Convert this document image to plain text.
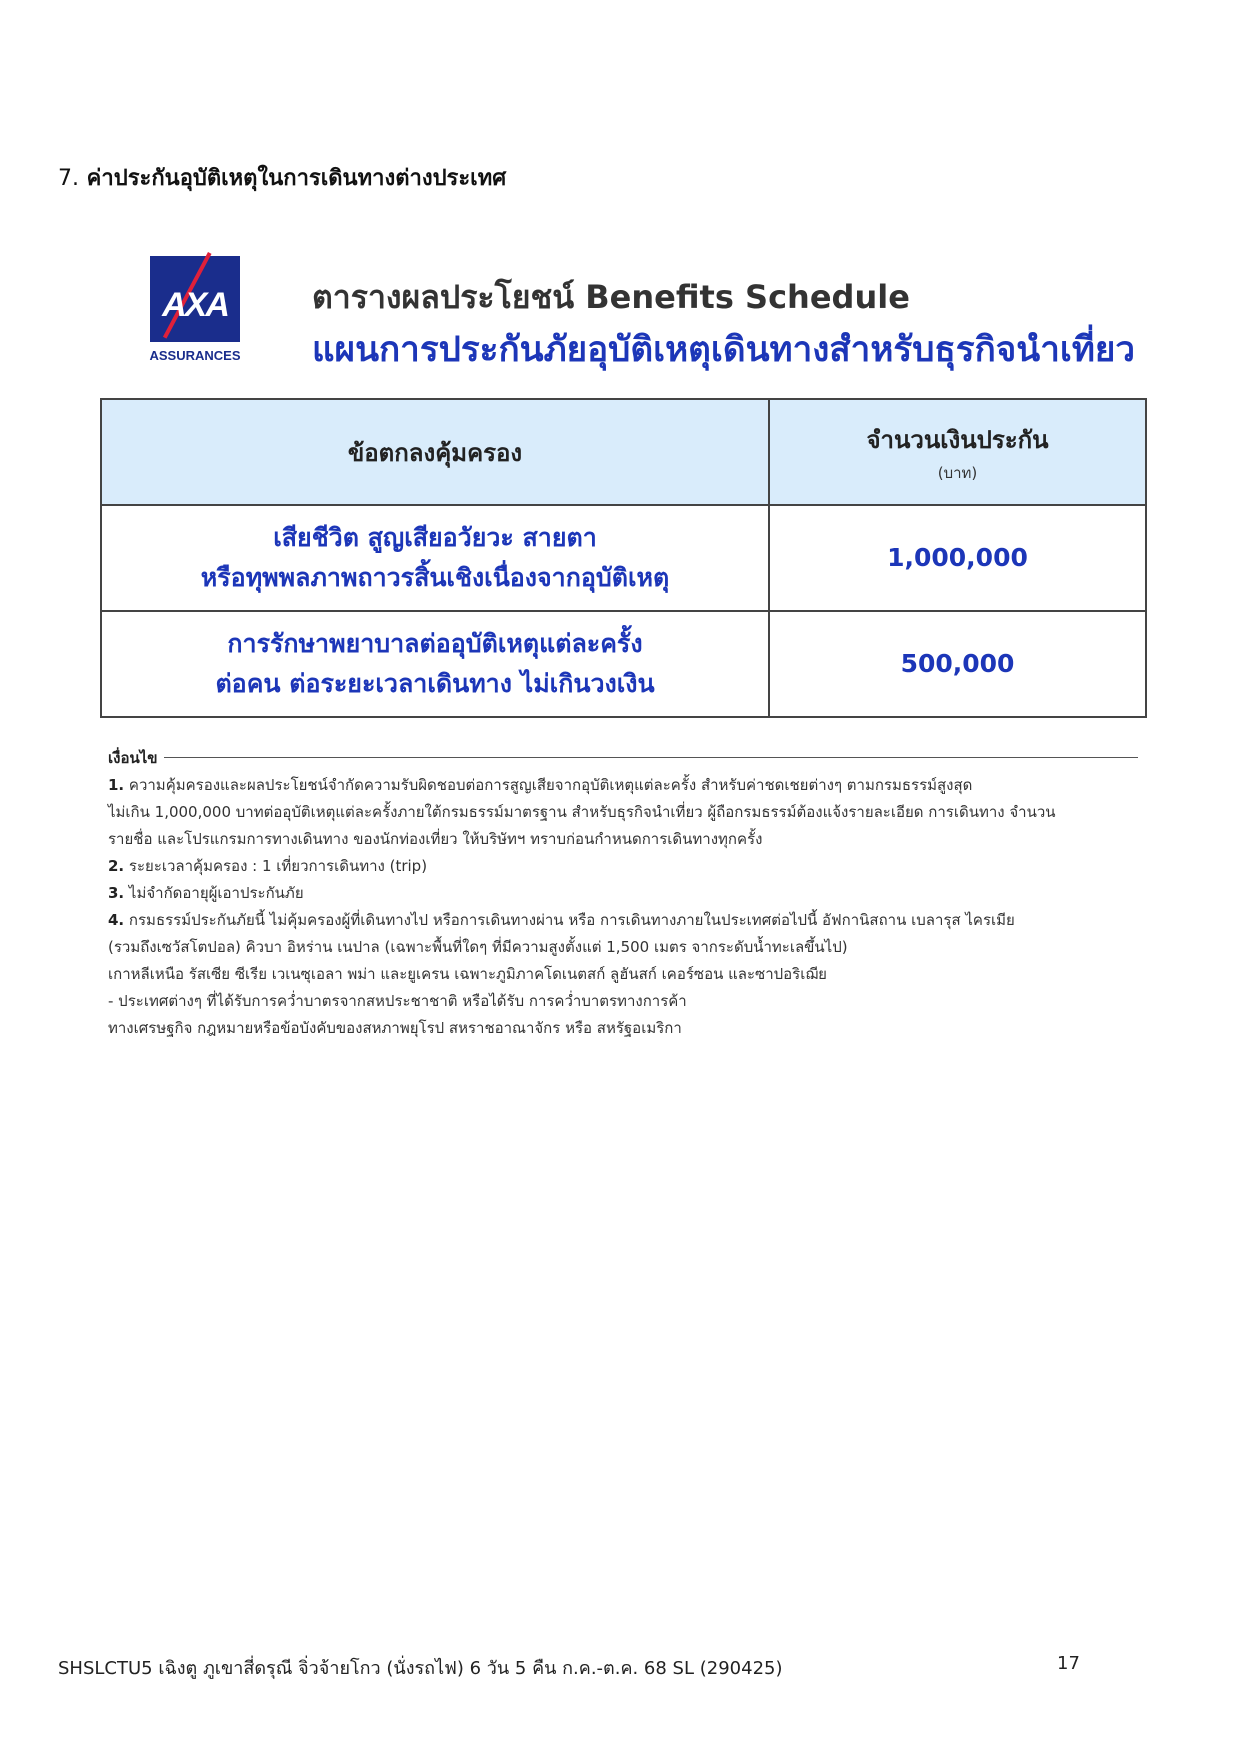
7. ค่าประกันอุบัติเหตุในการเดินทางต่างประเทศ
AXA
ASSURANCES
ตารางผลประโยชน์ Benefits Schedule
แผนการประกันภัยอุบัติเหตุเดินทางสำหรับธุรกิจนำเที่ยว
ข้อตกลงคุ้มครอง	จำนวนเงินประกัน
(บาท)

เสียชีวิต สูญเสียอวัยวะ สายตา
หรือทุพพลภาพถาวรสิ้นเชิงเนื่องจากอุบัติเหตุ	1,000,000

การรักษาพยาบาลต่ออุบัติเหตุแต่ละครั้ง
ต่อคน ต่อระยะเวลาเดินทาง ไม่เกินวงเงิน	500,000
เงื่อนไข
1. ความคุ้มครองและผลประโยชน์จำกัดความรับผิดชอบต่อการสูญเสียจากอุบัติเหตุแต่ละครั้ง สำหรับค่าชดเชยต่างๆ ตามกรมธรรม์สูงสุด
ไม่เกิน 1,000,000 บาทต่ออุบัติเหตุแต่ละครั้งภายใต้กรมธรรม์มาตรฐาน สำหรับธุรกิจนำเที่ยว ผู้ถือกรมธรรม์ต้องแจ้งรายละเอียด การเดินทาง จำนวน
รายชื่อ และโปรแกรมการทางเดินทาง ของนักท่องเที่ยว ให้บริษัทฯ ทราบก่อนกำหนดการเดินทางทุกครั้ง
2. ระยะเวลาคุ้มครอง : 1 เที่ยวการเดินทาง (trip)
3. ไม่จำกัดอายุผู้เอาประกันภัย
4. กรมธรรม์ประกันภัยนี้ ไม่คุ้มครองผู้ที่เดินทางไป หรือการเดินทางผ่าน หรือ การเดินทางภายในประเทศต่อไปนี้ อัฟกานิสถาน เบลารุส ไครเมีย
(รวมถึงเซวัสโตปอล) คิวบา อิหร่าน เนปาล (เฉพาะพื้นที่ใดๆ ที่มีความสูงตั้งแต่ 1,500 เมตร จากระดับน้ำทะเลขึ้นไป)
เกาหลีเหนือ รัสเซีย ซีเรีย เวเนซุเอลา พม่า และยูเครน เฉพาะภูมิภาคโดเนตสก์ ลูฮันสก์ เคอร์ซอน และซาปอริเฌีย
- ประเทศต่างๆ ที่ได้รับการคว่ำบาตรจากสหประชาชาติ หรือได้รับ การคว่ำบาตรทางการค้า
ทางเศรษฐกิจ กฎหมายหรือข้อบังคับของสหภาพยุโรป สหราชอาณาจักร หรือ สหรัฐอเมริกา
SHSLCTU5 เฉิงตู ภูเขาสี่ดรุณี จิ่วจ้ายโกว (นั่งรถไฟ) 6 วัน 5 คืน ก.ค.-ต.ค. 68 SL (290425)	17
